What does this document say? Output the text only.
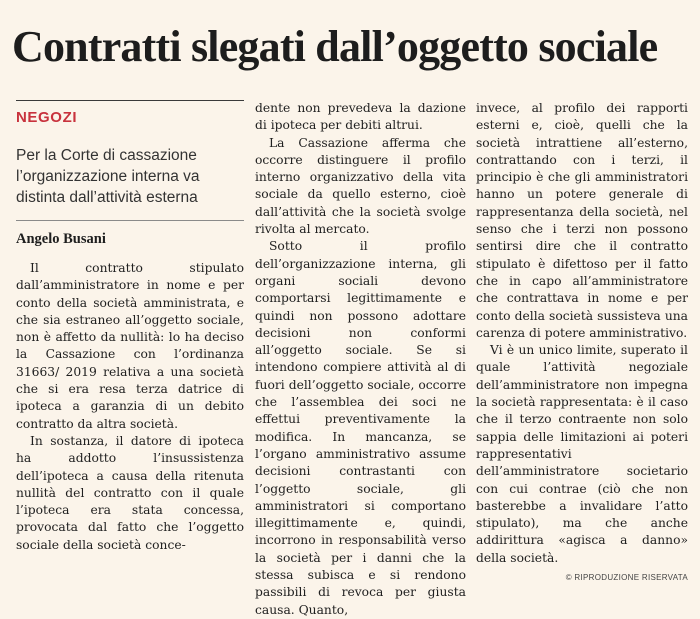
Contratti slegati dall’oggetto sociale
NEGOZI
Per la Corte di cassazione l’organizzazione interna va distinta dall’attività esterna
Angelo Busani

Il contratto stipulato dall’amministratore in nome e per conto della società amministrata, e che sia estraneo all’oggetto sociale, non è affetto da nullità: lo ha deciso la Cassazione con l’ordinanza 31663/ 2019 relativa a una società che si era resa terza datrice di ipoteca a garanzia di un debito contratto da altra società.

In sostanza, il datore di ipoteca ha addotto l’insussistenza dell’ipoteca a causa della ritenuta nullità del contratto con il quale l’ipoteca era stata concessa, provocata dal fatto che l’oggetto sociale della società conce-

dente non prevedeva la dazione di ipoteca per debiti altrui.

La Cassazione afferma che occorre distinguere il profilo interno organizzativo della vita sociale da quello esterno, cioè dall’attività che la società svolge rivolta al mercato.

Sotto il profilo dell’organizzazione interna, gli organi sociali devono comportarsi legittimamente e quindi non possono adottare decisioni non conformi all’oggetto sociale. Se si intendono compiere attività al di fuori dell’oggetto sociale, occorre che l’assemblea dei soci ne effettui preventivamente la modifica. In mancanza, se l’organo amministrativo assume decisioni contrastanti con l’oggetto sociale, gli amministratori si comportano illegittimamente e, quindi, incorrono in responsabilità verso la società per i danni che la stessa subisca e si rendono passibili di revoca per giusta causa. Quanto,

invece, al profilo dei rapporti esterni e, cioè, quelli che la società intrattiene all’esterno, contrattando con i terzi, il principio è che gli amministratori hanno un potere generale di rappresentanza della società, nel senso che i terzi non possono sentirsi dire che il contratto stipulato è difettoso per il fatto che in capo all’amministratore che contrattava in nome e per conto della società sussisteva una carenza di potere amministrativo.

Vi è un unico limite, superato il quale l’attività negoziale dell’amministratore non impegna la società rappresentata: è il caso che il terzo contraente non solo sappia delle limitazioni ai poteri rappresentativi dell’amministratore societario con cui contrae (ciò che non basterebbe a invalidare l’atto stipulato), ma che anche addirittura «agisca a danno» della società.

© RIPRODUZIONE RISERVATA
